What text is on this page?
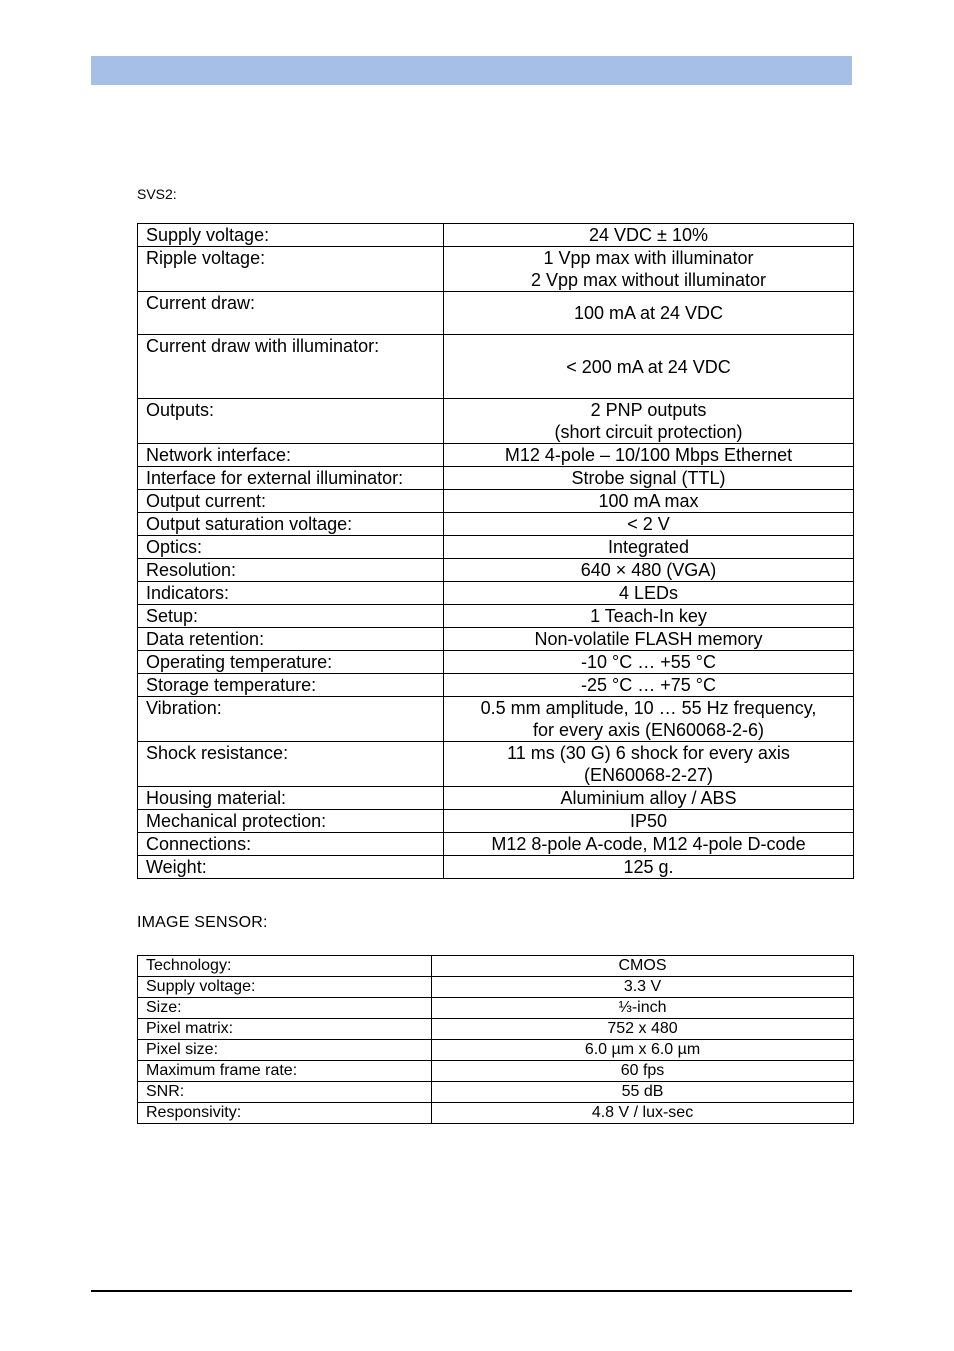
SVS2:
Supply voltage:	24 VDC ± 10%

Ripple voltage:	1 Vpp max with illuminator
2 Vpp max without illuminator

Current draw:	100 mA at 24 VDC

Current draw with illuminator:	< 200 mA at 24 VDC

Outputs:	2 PNP outputs
(short circuit protection)

Network interface:	M12 4-pole – 10/100 Mbps Ethernet

Interface for external illuminator:	Strobe signal (TTL)

Output current:	100 mA max

Output saturation voltage:	< 2 V

Optics:	Integrated

Resolution:	640 × 480 (VGA)

Indicators:	4 LEDs

Setup:	1 Teach-In key

Data retention:	Non-volatile FLASH memory

Operating temperature:	-10 °C … +55 °C

Storage temperature:	-25 °C … +75 °C

Vibration:	0.5 mm amplitude, 10 … 55 Hz frequency,
for every axis (EN60068-2-6)

Shock resistance:	11 ms (30 G) 6 shock for every axis
(EN60068-2-27)

Housing material:	Aluminium alloy / ABS

Mechanical protection:	IP50

Connections:	M12 8-pole A-code, M12 4-pole D-code

Weight:	125 g.
IMAGE SENSOR:
Technology:	CMOS
Supply voltage:	3.3 V
Size:	⅓-inch
Pixel matrix:	752 x 480
Pixel size:	6.0 µm x 6.0 µm
Maximum frame rate:	60 fps
SNR:	55 dB
Responsivity:	4.8 V / lux-sec
